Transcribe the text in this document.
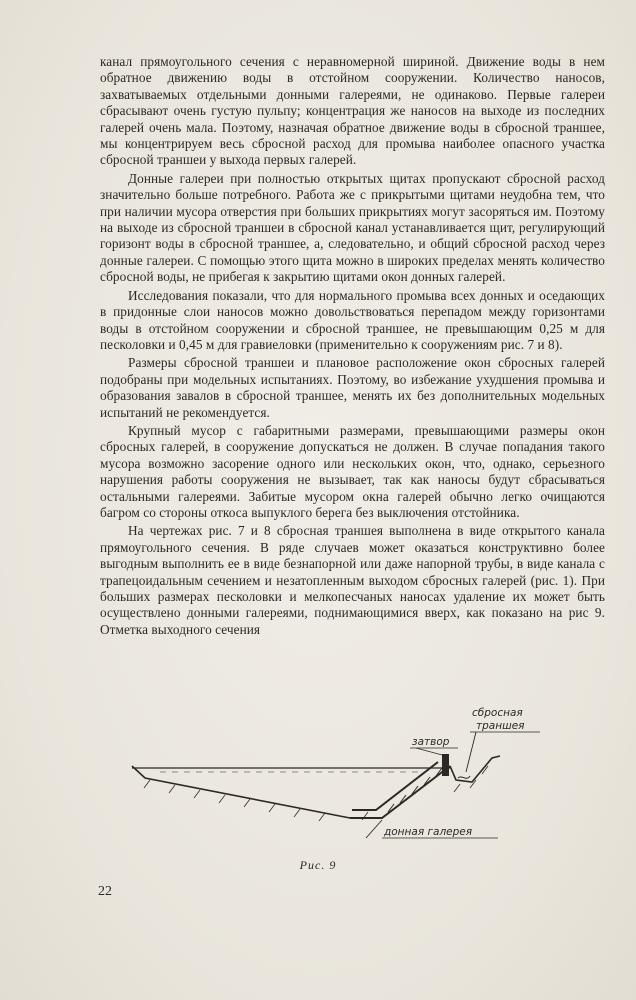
канал прямоугольного сечения с неравномерной шириной. Движение воды в нем обратное движению воды в отстойном сооружении. Количество наносов, захватываемых отдельными донными галереями, не одинаково. Первые галереи сбрасывают очень густую пульпу; концентрация же наносов на выходе из последних галерей очень мала. Поэтому, назначая обратное движение воды в сбросной траншее, мы концентрируем весь сбросной расход для промыва наиболее опасного участка сбросной траншеи у выхода первых галерей.

Донные галереи при полностью открытых щитах пропускают сбросной расход значительно больше потребного. Работа же с прикрытыми щитами неудобна тем, что при наличии мусора отверстия при больших прикрытиях могут засоряться им. Поэтому на выходе из сбросной траншеи в сбросной канал устанавливается щит, регулирующий горизонт воды в сбросной траншее, а, следовательно, и общий сбросной расход через донные галереи. С помощью этого щита можно в широких пределах менять количество сбросной воды, не прибегая к закрытию щитами окон донных галерей.

Исследования показали, что для нормального промыва всех донных и оседающих в придонные слои наносов можно довольствоваться перепадом между горизонтами воды в отстойном сооружении и сбросной траншее, не превышающим 0,25 м для песколовки и 0,45 м для гравиеловки (применительно к сооружениям рис. 7 и 8).

Размеры сбросной траншеи и плановое расположение окон сбросных галерей подобраны при модельных испытаниях. Поэтому, во избежание ухудшения промыва и образования завалов в сбросной траншее, менять их без дополнительных модельных испытаний не рекомендуется.

Крупный мусор с габаритными размерами, превышающими размеры окон сбросных галерей, в сооружение допускаться не должен. В случае попадания такого мусора возможно засорение одного или нескольких окон, что, однако, серьезного нарушения работы сооружения не вызывает, так как наносы будут сбрасываться остальными галереями. Забитые мусором окна галерей обычно легко очищаются багром со стороны откоса выпуклого берега без выключения отстойника.

На чертежах рис. 7 и 8 сбросная траншея выполнена в виде открытого канала прямоугольного сечения. В ряде случаев может оказаться конструктивно более выгодным выполнить ее в виде безнапорной или даже напорной трубы, в виде канала с трапецоидальным сечением и незатопленным выходом сбросных галерей (рис. 1). При больших размерах песколовки и мелкопесчаных наносах удаление их может быть осуществлено донными галереями, поднимающимися вверх, как показано на рис 9. Отметка выходного сечения

сбросная
траншея
затвор
донная галерея
Рис. 9
22
